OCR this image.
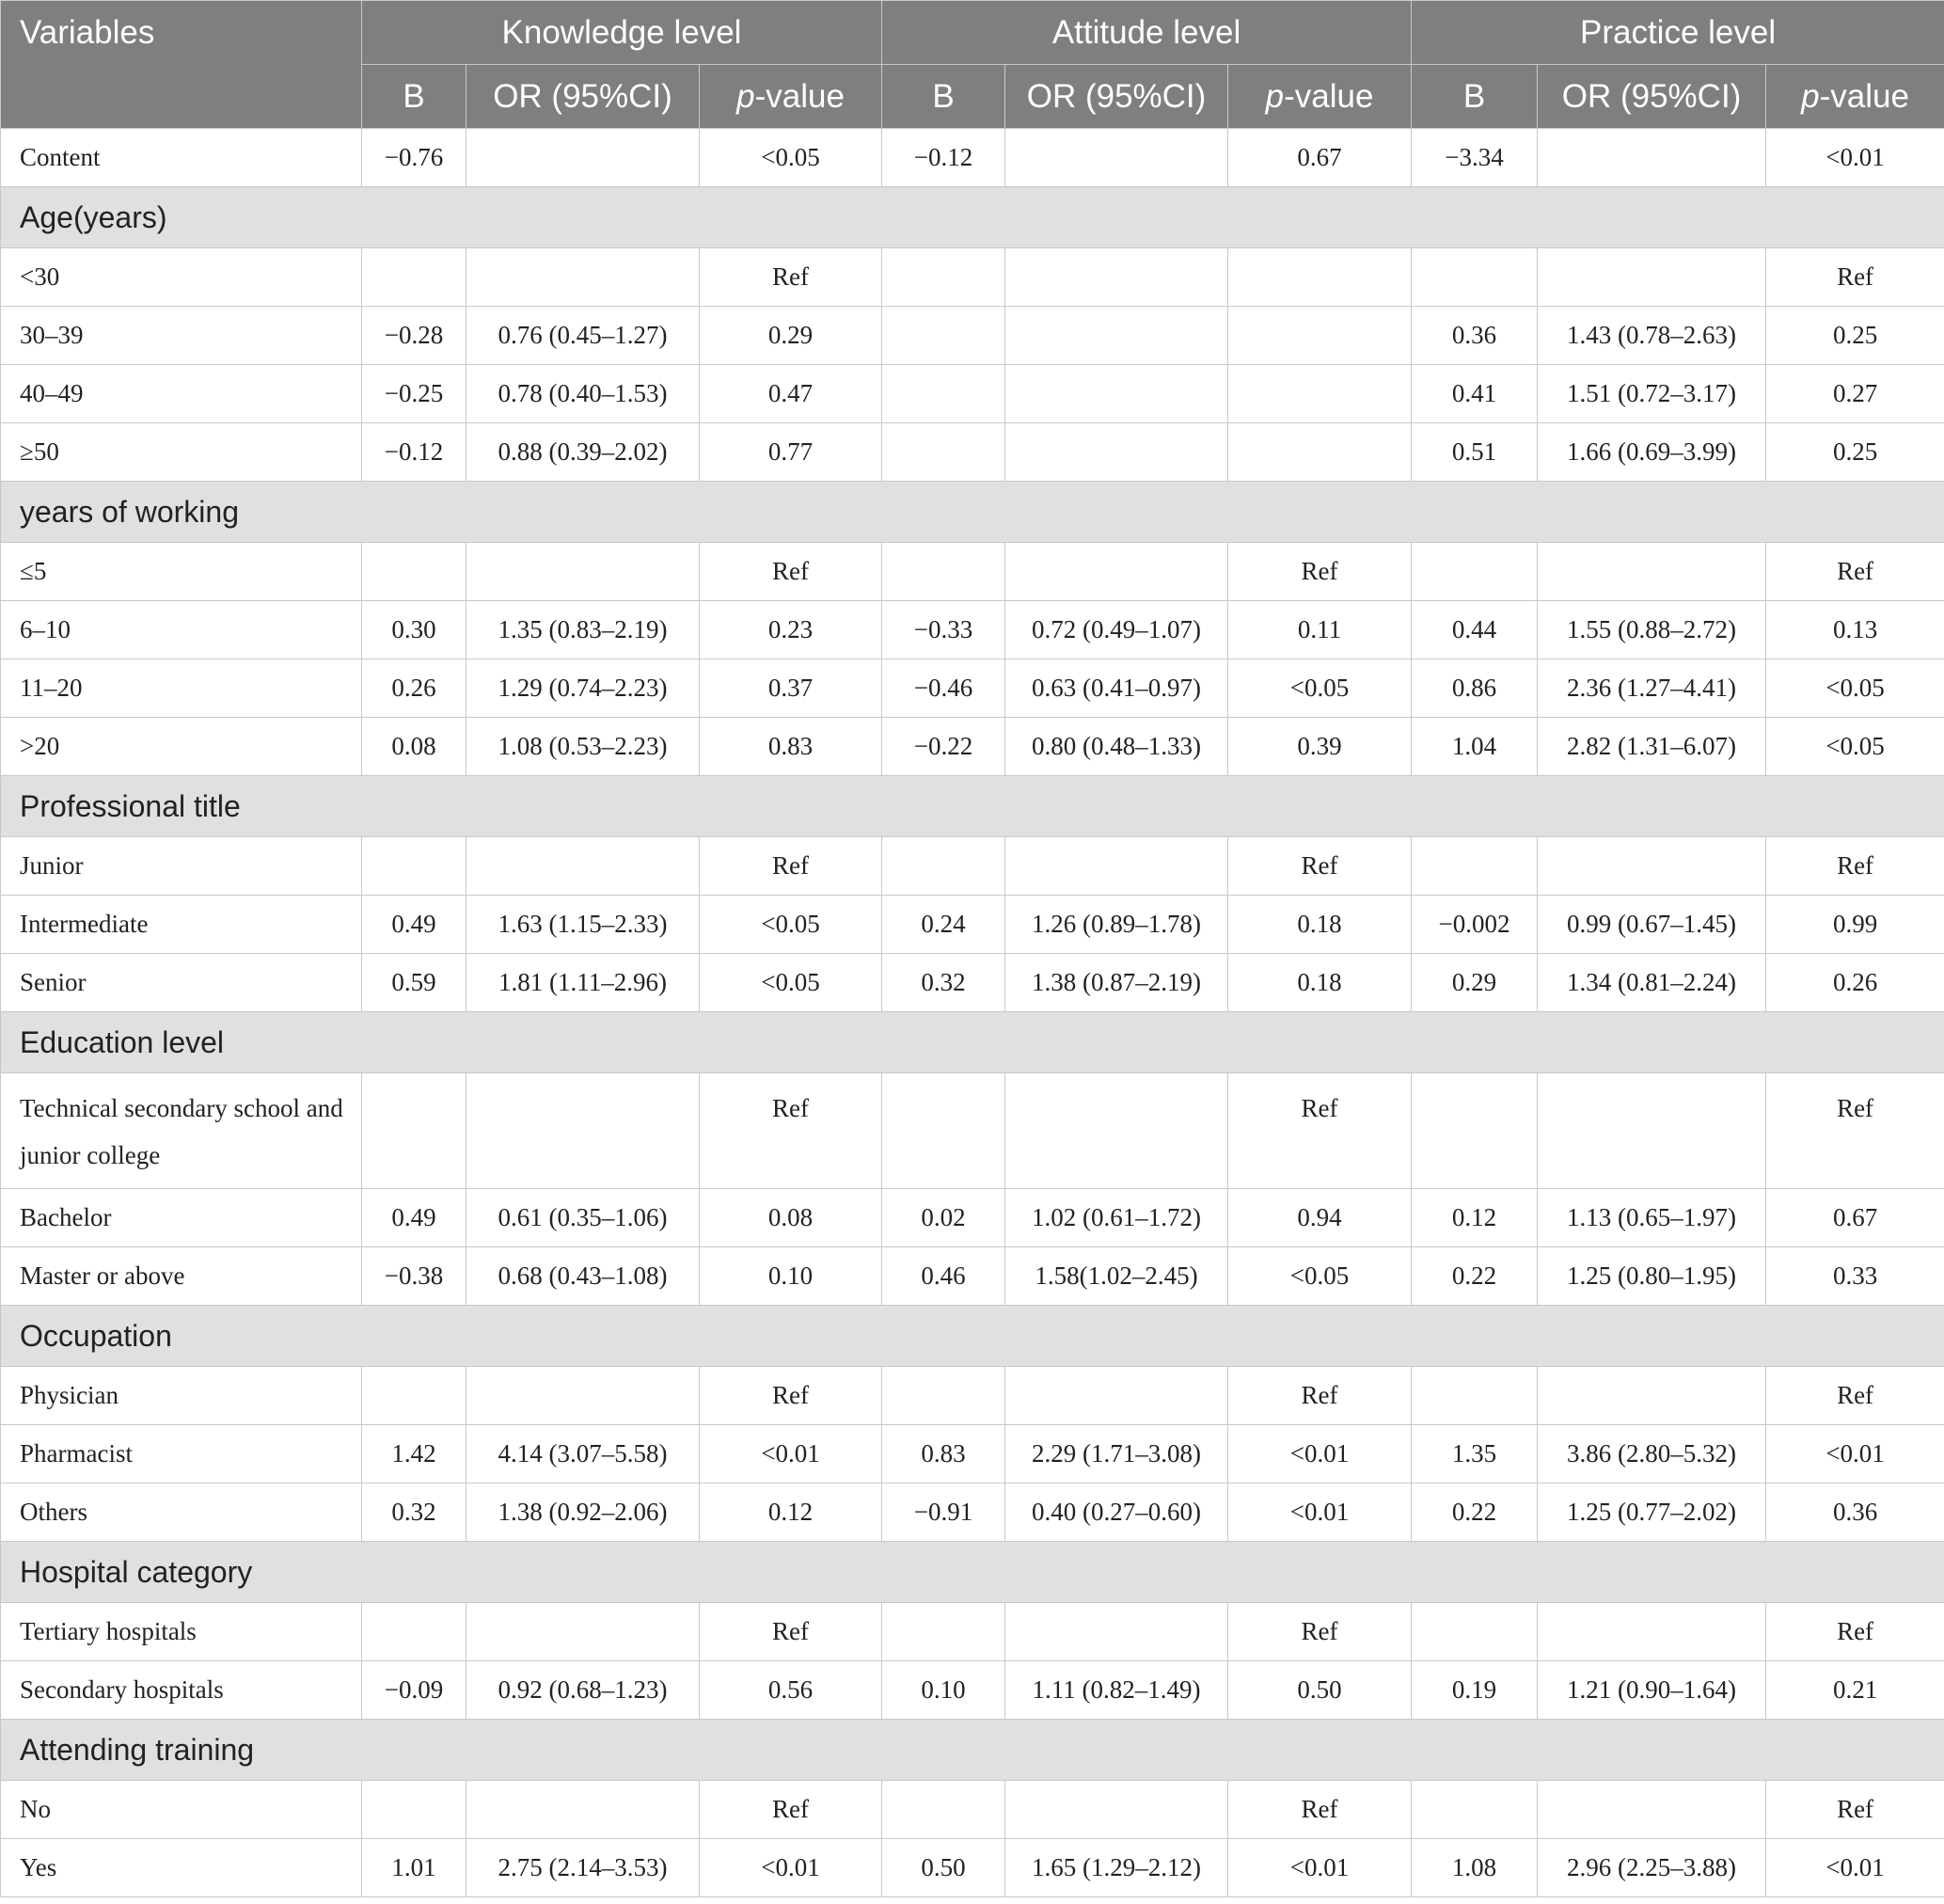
Variables	Knowledge level			Attitude level			Practice level		
	B	OR (95%CI)	p-value	B	OR (95%CI)	p-value	B	OR (95%CI)	p-value
Content	−0.76		<0.05	−0.12		0.67	−3.34		<0.01
Age(years)									
<30			Ref						Ref
30–39	−0.28	0.76 (0.45–1.27)	0.29				0.36	1.43 (0.78–2.63)	0.25
40–49	−0.25	0.78 (0.40–1.53)	0.47				0.41	1.51 (0.72–3.17)	0.27
≥50	−0.12	0.88 (0.39–2.02)	0.77				0.51	1.66 (0.69–3.99)	0.25
years of working									
≤5			Ref			Ref			Ref
6–10	0.30	1.35 (0.83–2.19)	0.23	−0.33	0.72 (0.49–1.07)	0.11	0.44	1.55 (0.88–2.72)	0.13
11–20	0.26	1.29 (0.74–2.23)	0.37	−0.46	0.63 (0.41–0.97)	<0.05	0.86	2.36 (1.27–4.41)	<0.05
>20	0.08	1.08 (0.53–2.23)	0.83	−0.22	0.80 (0.48–1.33)	0.39	1.04	2.82 (1.31–6.07)	<0.05
Professional title									
Junior			Ref			Ref			Ref
Intermediate	0.49	1.63 (1.15–2.33)	<0.05	0.24	1.26 (0.89–1.78)	0.18	−0.002	0.99 (0.67–1.45)	0.99
Senior	0.59	1.81 (1.11–2.96)	<0.05	0.32	1.38 (0.87–2.19)	0.18	0.29	1.34 (0.81–2.24)	0.26
Education level									
Technical secondary school and junior college			Ref			Ref			Ref
Bachelor	0.49	0.61 (0.35–1.06)	0.08	0.02	1.02 (0.61–1.72)	0.94	0.12	1.13 (0.65–1.97)	0.67
Master or above	−0.38	0.68 (0.43–1.08)	0.10	0.46	1.58(1.02–2.45)	<0.05	0.22	1.25 (0.80–1.95)	0.33
Occupation									
Physician			Ref			Ref			Ref
Pharmacist	1.42	4.14 (3.07–5.58)	<0.01	0.83	2.29 (1.71–3.08)	<0.01	1.35	3.86 (2.80–5.32)	<0.01
Others	0.32	1.38 (0.92–2.06)	0.12	−0.91	0.40 (0.27–0.60)	<0.01	0.22	1.25 (0.77–2.02)	0.36
Hospital category									
Tertiary hospitals			Ref			Ref			Ref
Secondary hospitals	−0.09	0.92 (0.68–1.23)	0.56	0.10	1.11 (0.82–1.49)	0.50	0.19	1.21 (0.90–1.64)	0.21
Attending training									
No			Ref			Ref			Ref
Yes	1.01	2.75 (2.14–3.53)	<0.01	0.50	1.65 (1.29–2.12)	<0.01	1.08	2.96 (2.25–3.88)	<0.01
